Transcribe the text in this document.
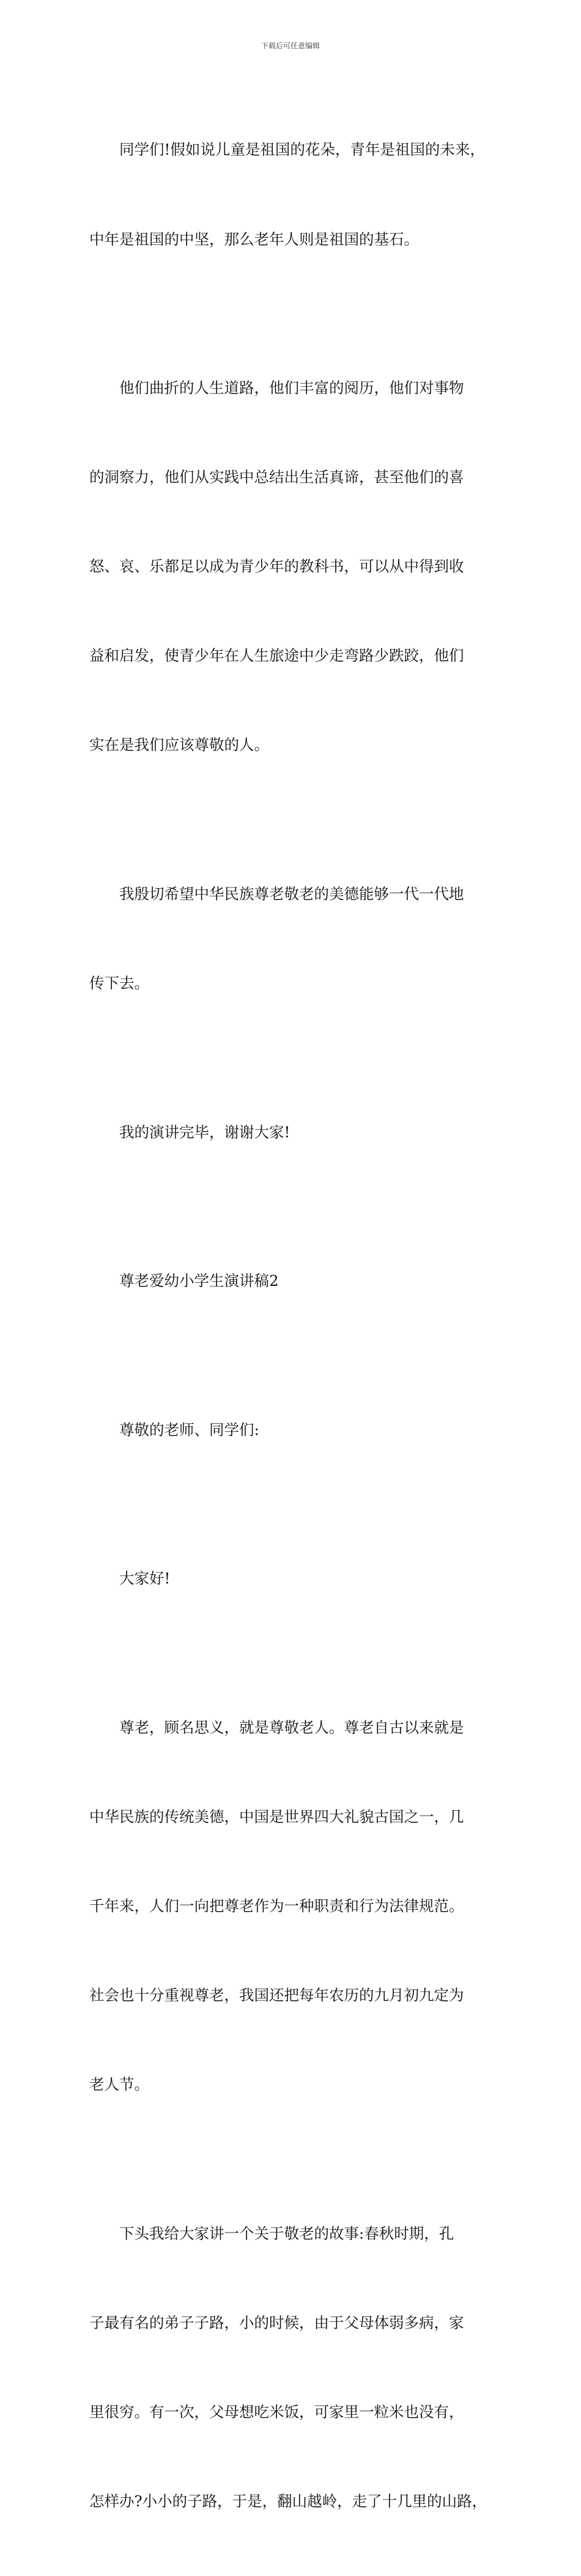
下载后可任意编辑

同学们!假如说儿童是祖国的花朵，青年是祖国的未来，

中年是祖国的中坚，那么老年人则是祖国的基石。

他们曲折的人生道路，他们丰富的阅历，他们对事物

的洞察力，他们从实践中总结出生活真谛，甚至他们的喜

怒、哀、乐都足以成为青少年的教科书，可以从中得到收

益和启发，使青少年在人生旅途中少走弯路少跌跤，他们

实在是我们应该尊敬的人。

我殷切希望中华民族尊老敬老的美德能够一代一代地

传下去。

我的演讲完毕，谢谢大家!

尊老爱幼小学生演讲稿2

尊敬的老师、同学们:

大家好!

尊老，顾名思义，就是尊敬老人。尊老自古以来就是

中华民族的传统美德，中国是世界四大礼貌古国之一，几

千年来，人们一向把尊老作为一种职责和行为法律规范。

社会也十分重视尊老，我国还把每年农历的九月初九定为

老人节。

下头我给大家讲一个关于敬老的故事:春秋时期，孔

子最有名的弟子子路，小的时候，由于父母体弱多病，家

里很穷。有一次，父母想吃米饭，可家里一粒米也没有，

怎样办?小小的子路，于是，翻山越岭，走了十几里的山路，
